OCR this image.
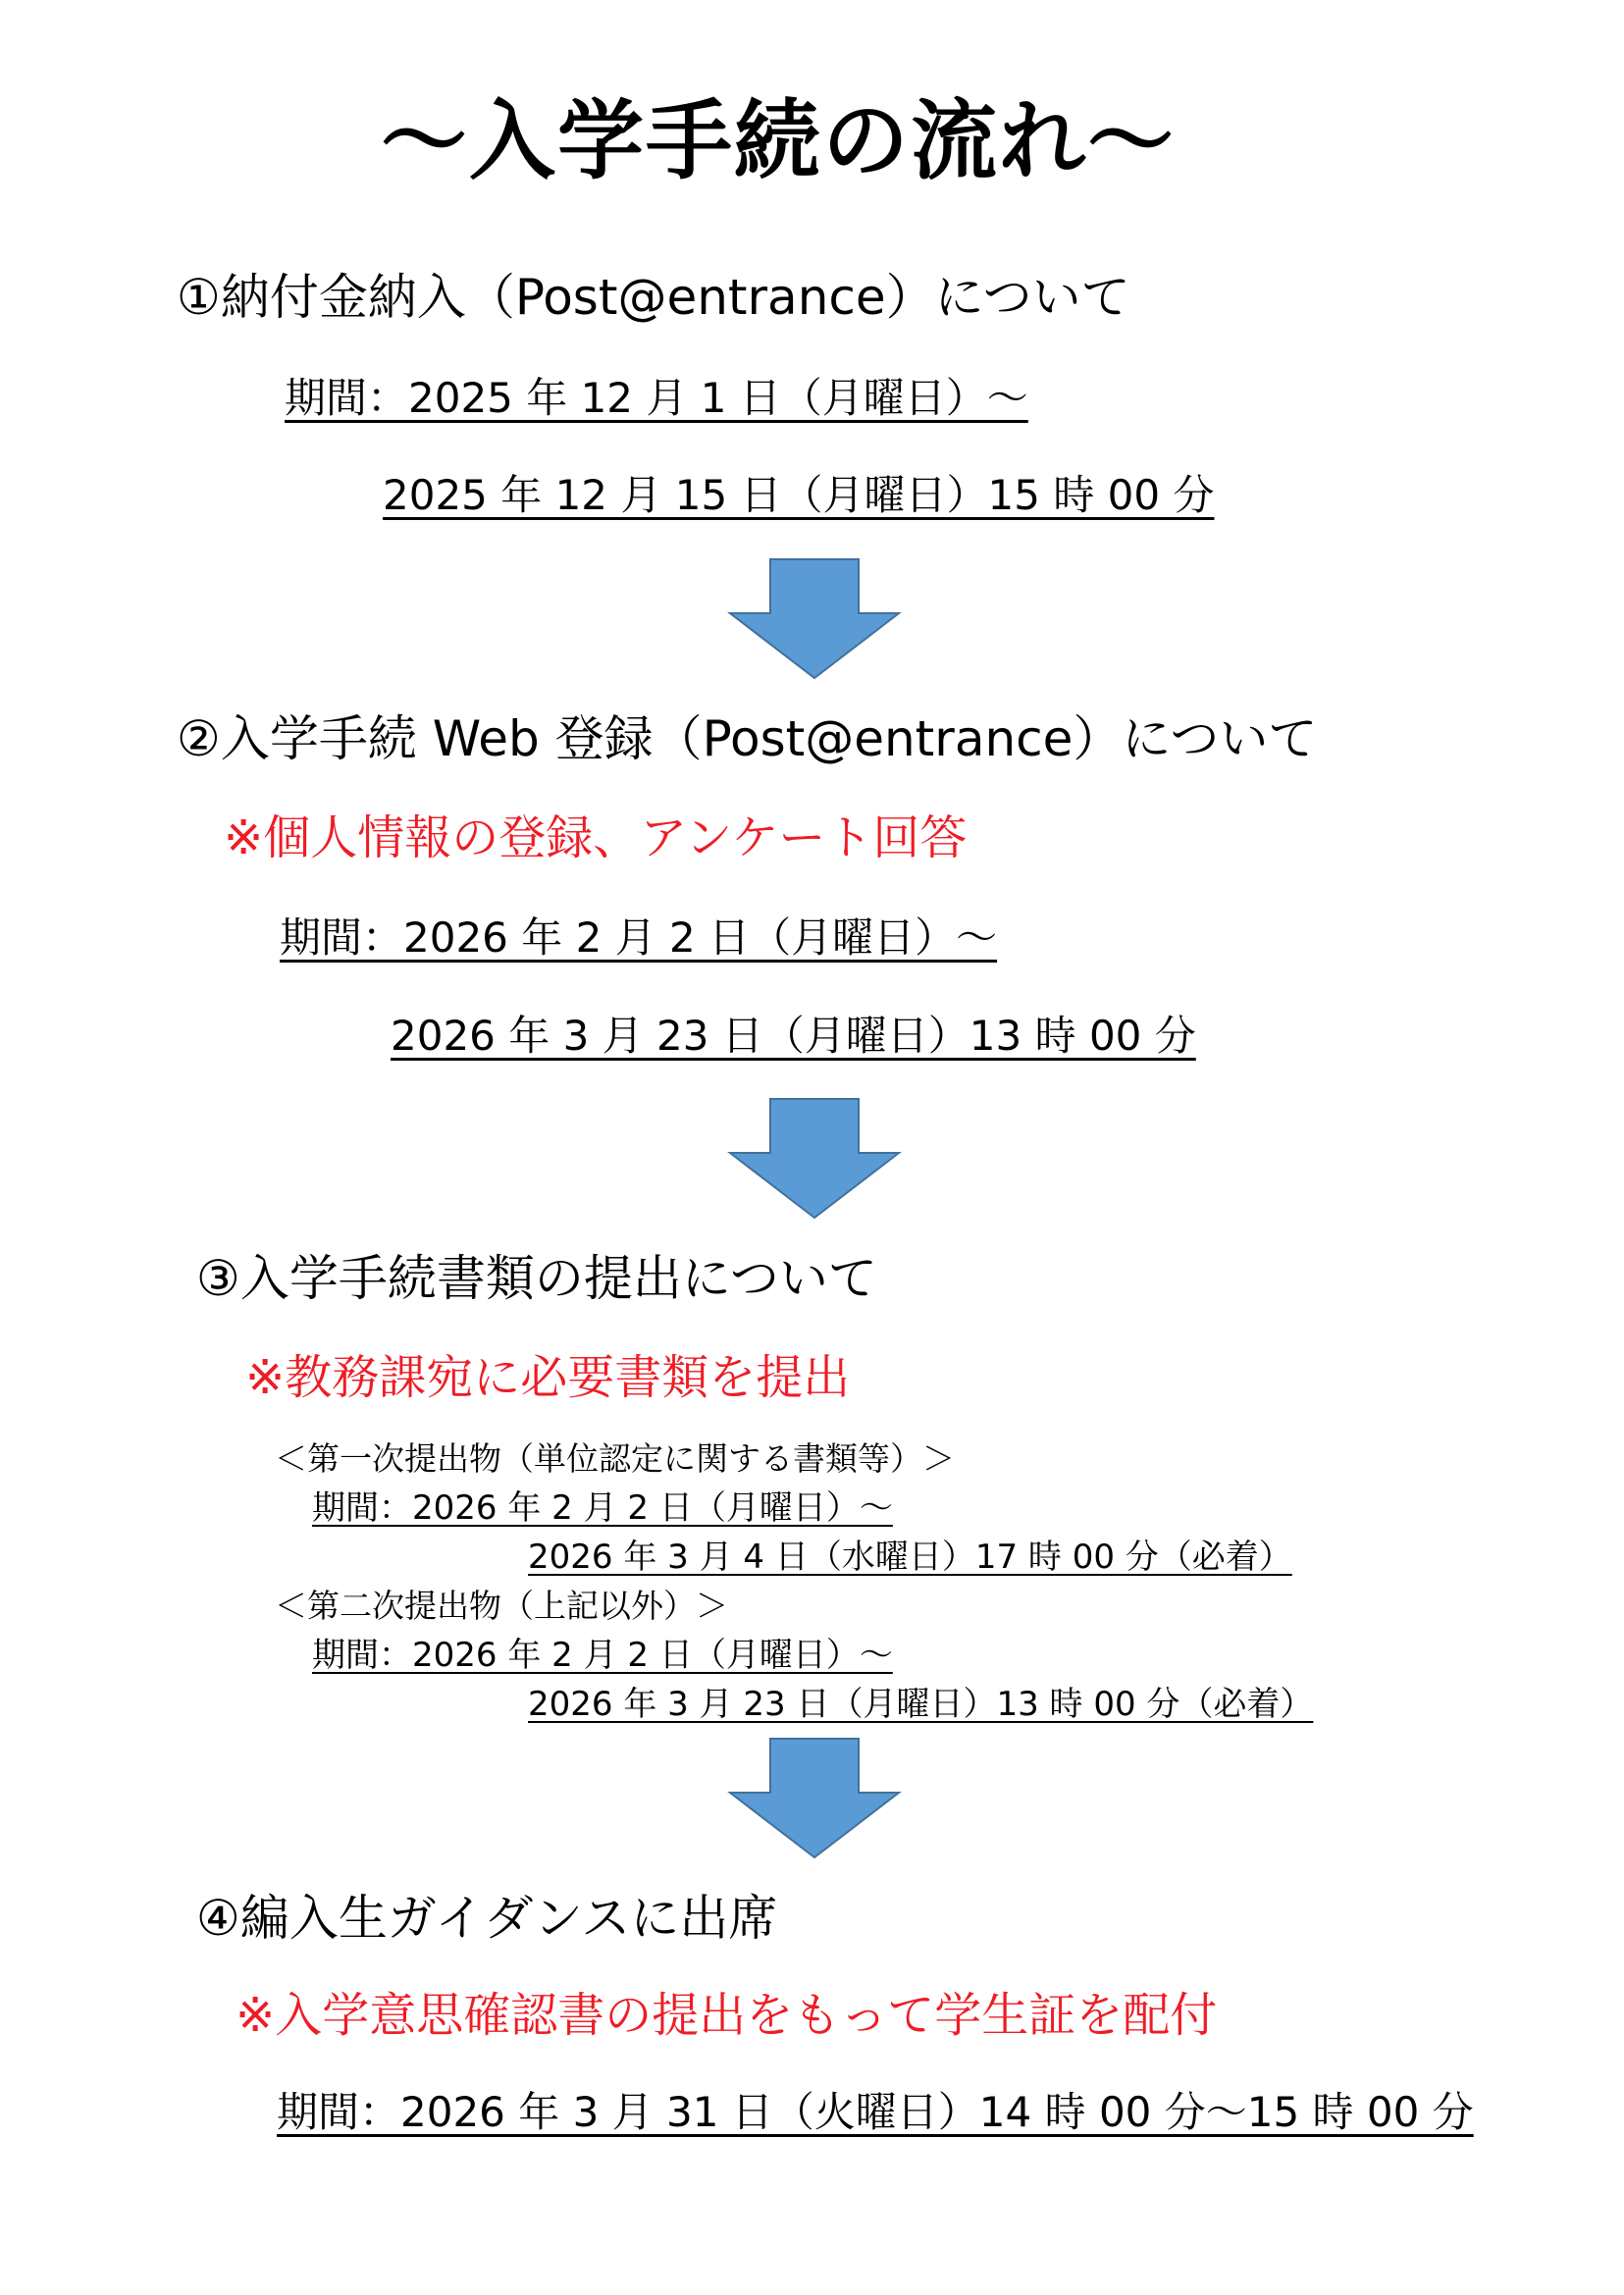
～入学手続の流れ～
①納付金納入（Post@entrance）について
期間：2025 年 12 月 1 日（月曜日）～
2025 年 12 月 15 日（月曜日）15 時 00 分
②入学手続 Web 登録（Post@entrance）について
※個人情報の登録、アンケート回答
期間：2026 年 2 月 2 日（月曜日）～
2026 年 3 月 23 日（月曜日）13 時 00 分
③入学手続書類の提出について
※教務課宛に必要書類を提出
＜第一次提出物（単位認定に関する書類等）＞
期間：2026 年 2 月 2 日（月曜日）～
2026 年 3 月 4 日（水曜日）17 時 00 分（必着）
＜第二次提出物（上記以外）＞
期間：2026 年 2 月 2 日（月曜日）～
2026 年 3 月 23 日（月曜日）13 時 00 分（必着）
④編入生ガイダンスに出席
※入学意思確認書の提出をもって学生証を配付
期間：2026 年 3 月 31 日（火曜日）14 時 00 分～15 時 00 分
